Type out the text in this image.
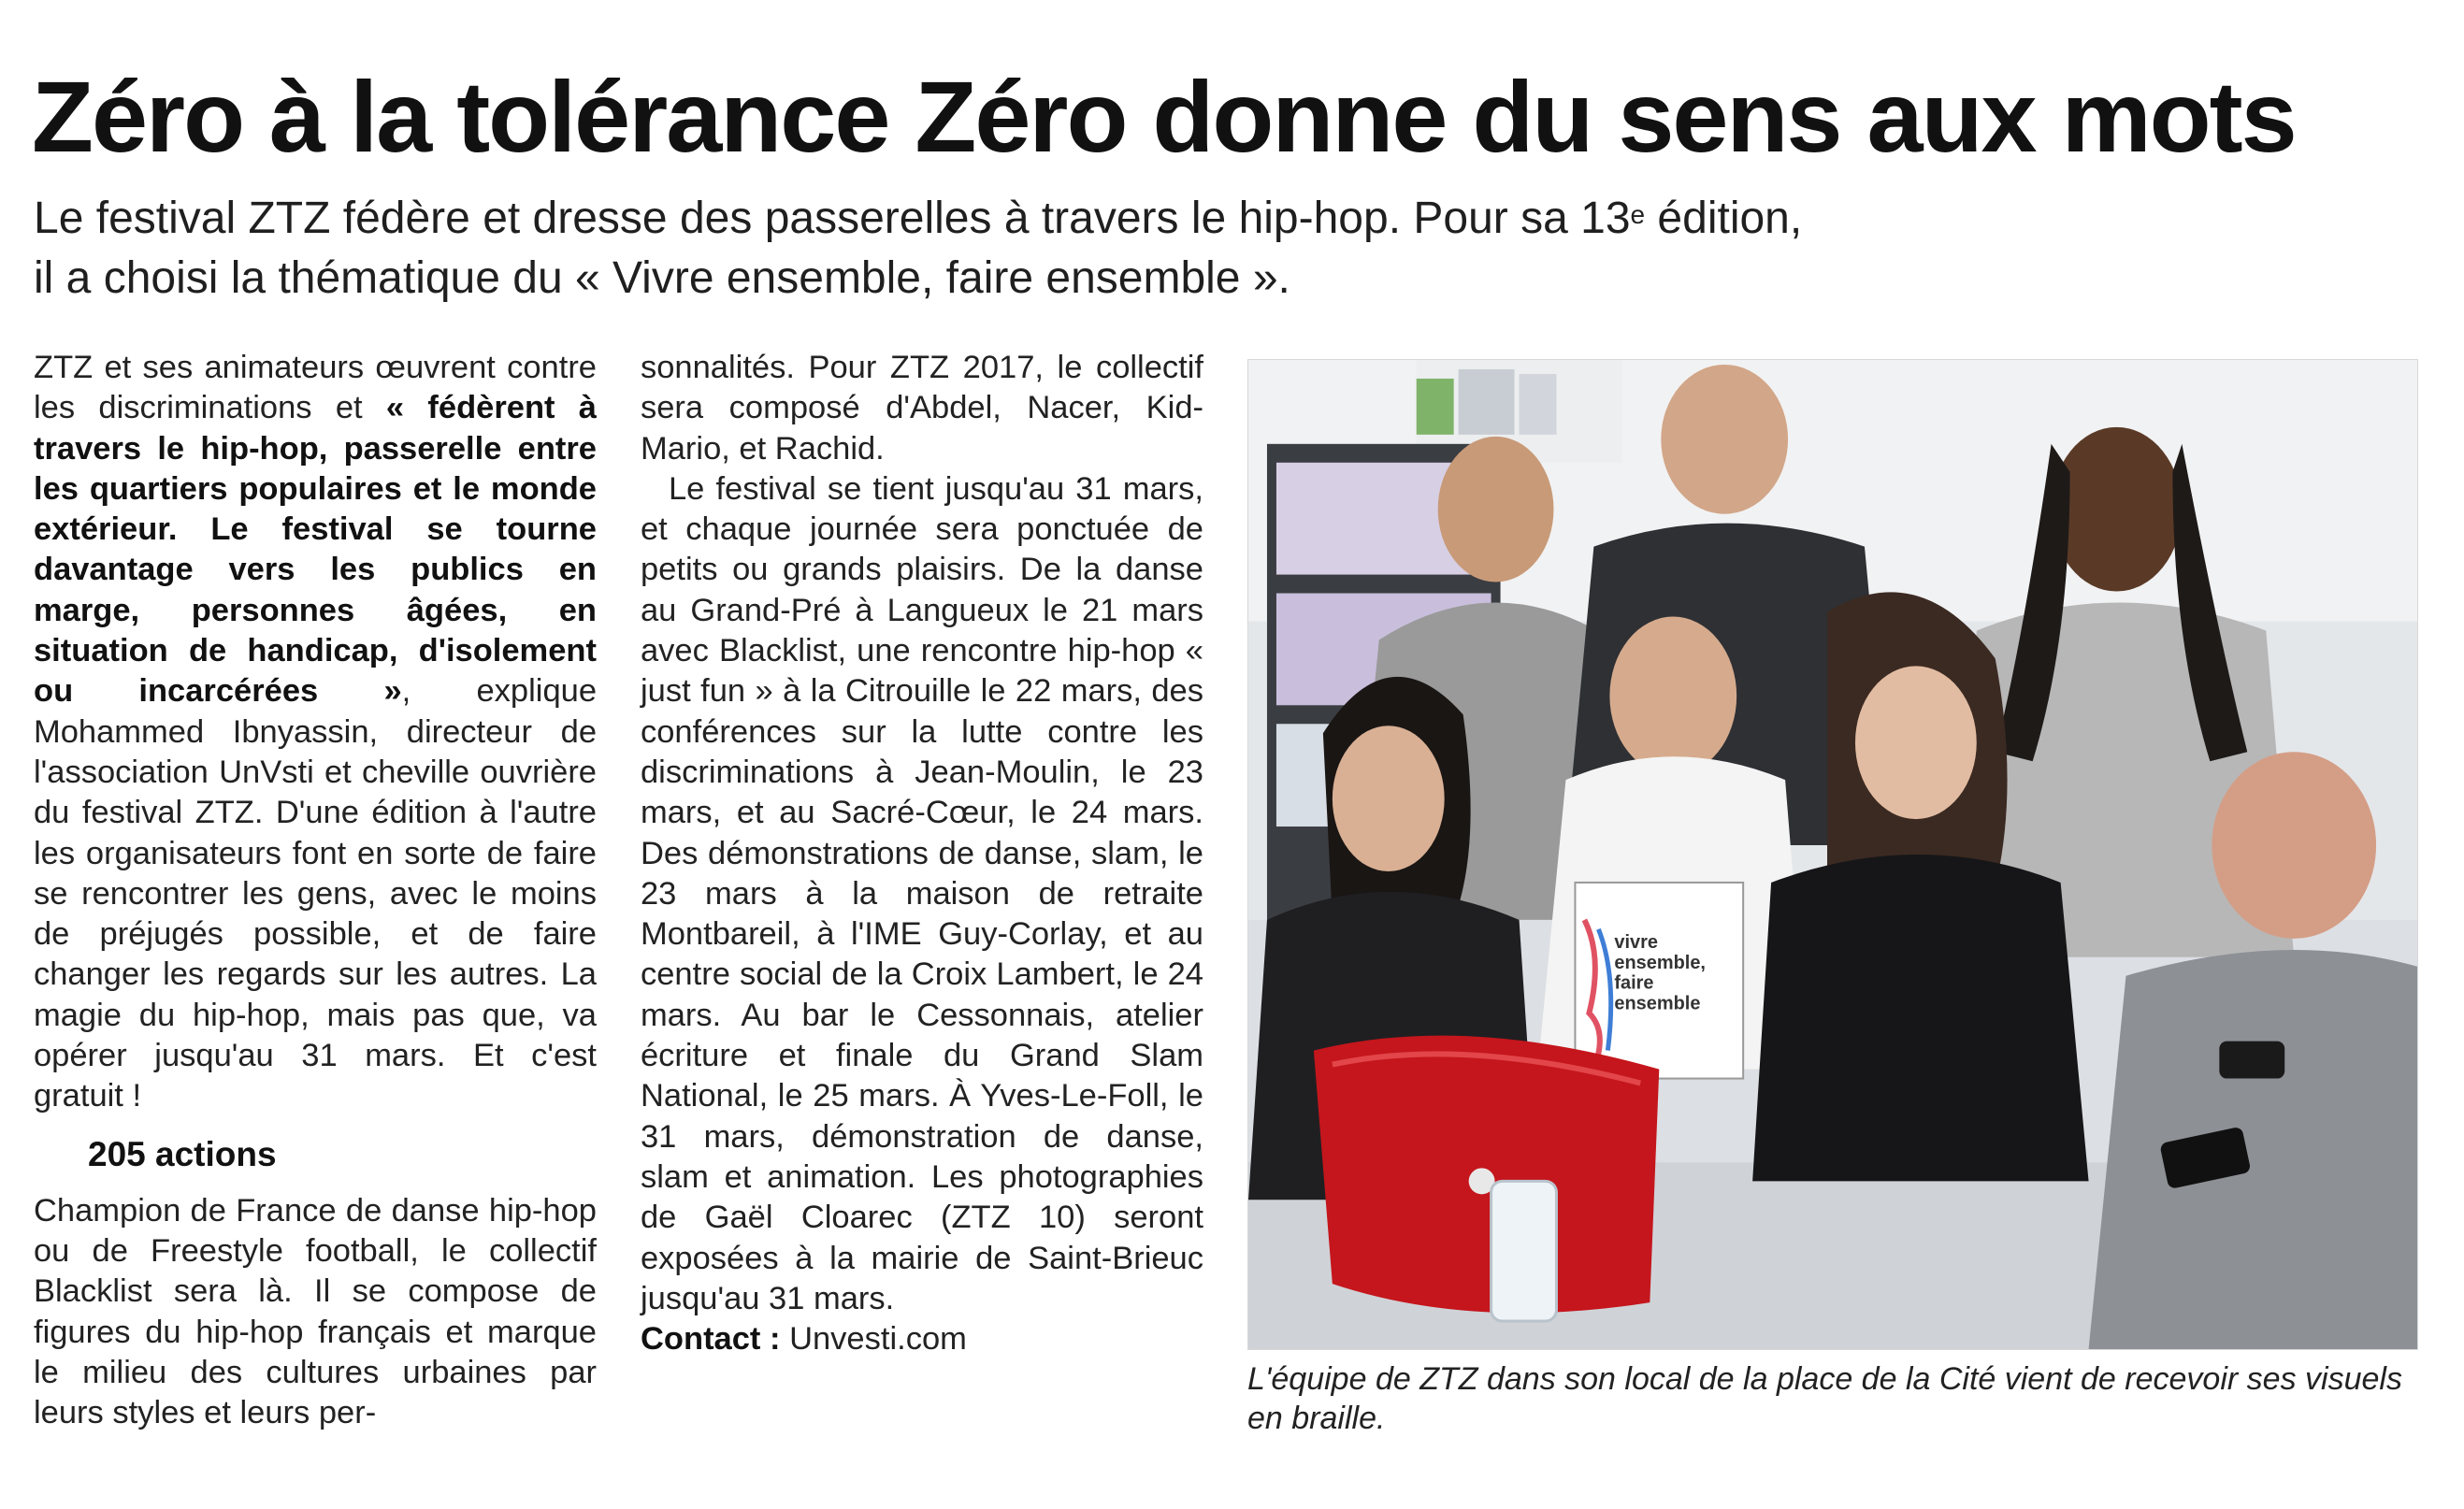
Zéro à la tolérance Zéro donne du sens aux mots
Le festival ZTZ fédère et dresse des passerelles à travers le hip-hop. Pour sa 13e édition,
il a choisi la thématique du « Vivre ensemble, faire ensemble ».

ZTZ et ses animateurs œuvrent contre les discriminations et « fédèrent à travers le hip-hop, passerelle entre les quartiers populaires et le monde extérieur. Le festival se tourne davantage vers les publics en marge, personnes âgées, en situation de handicap, d'isolement ou incarcérées », explique Mohammed Ibnyassin, directeur de l'association UnVsti et cheville ouvrière du festival ZTZ. D'une édition à l'autre les organisateurs font en sorte de faire se rencontrer les gens, avec le moins de préjugés possible, et de faire changer les regards sur les autres. La magie du hip-hop, mais pas que, va opérer jusqu'au 31 mars. Et c'est gratuit !

205 actions

Champion de France de danse hip-hop ou de Freestyle football, le collectif Blacklist sera là. Il se compose de figures du hip-hop français et marque le milieu des cultures urbaines par leurs styles et leurs per-

sonnalités. Pour ZTZ 2017, le collectif sera composé d'Abdel, Nacer, Kid-Mario, et Rachid.

Le festival se tient jusqu'au 31 mars, et chaque journée sera ponctuée de petits ou grands plaisirs. De la danse au Grand-Pré à Langueux le 21 mars avec Blacklist, une rencontre hip-hop « just fun » à la Citrouille le 22 mars, des conférences sur la lutte contre les discriminations à Jean-Moulin, le 23 mars, et au Sacré-Cœur, le 24 mars. Des démonstrations de danse, slam, le 23 mars à la maison de retraite Montbareil, à l'IME Guy-Corlay, et au centre social de la Croix Lambert, le 24 mars. Au bar le Cessonnais, atelier écriture et finale du Grand Slam National, le 25 mars. À Yves-Le-Foll, le 31 mars, démonstration de danse, slam et animation. Les photographies de Gaël Cloarec (ZTZ 10) seront exposées à la mairie de Saint-Brieuc jusqu'au 31 mars.

Contact : Unvesti.com

vivre
ensemble,
faire
ensemble
L'équipe de ZTZ dans son local de la place de la Cité vient de recevoir ses visuels en braille.
